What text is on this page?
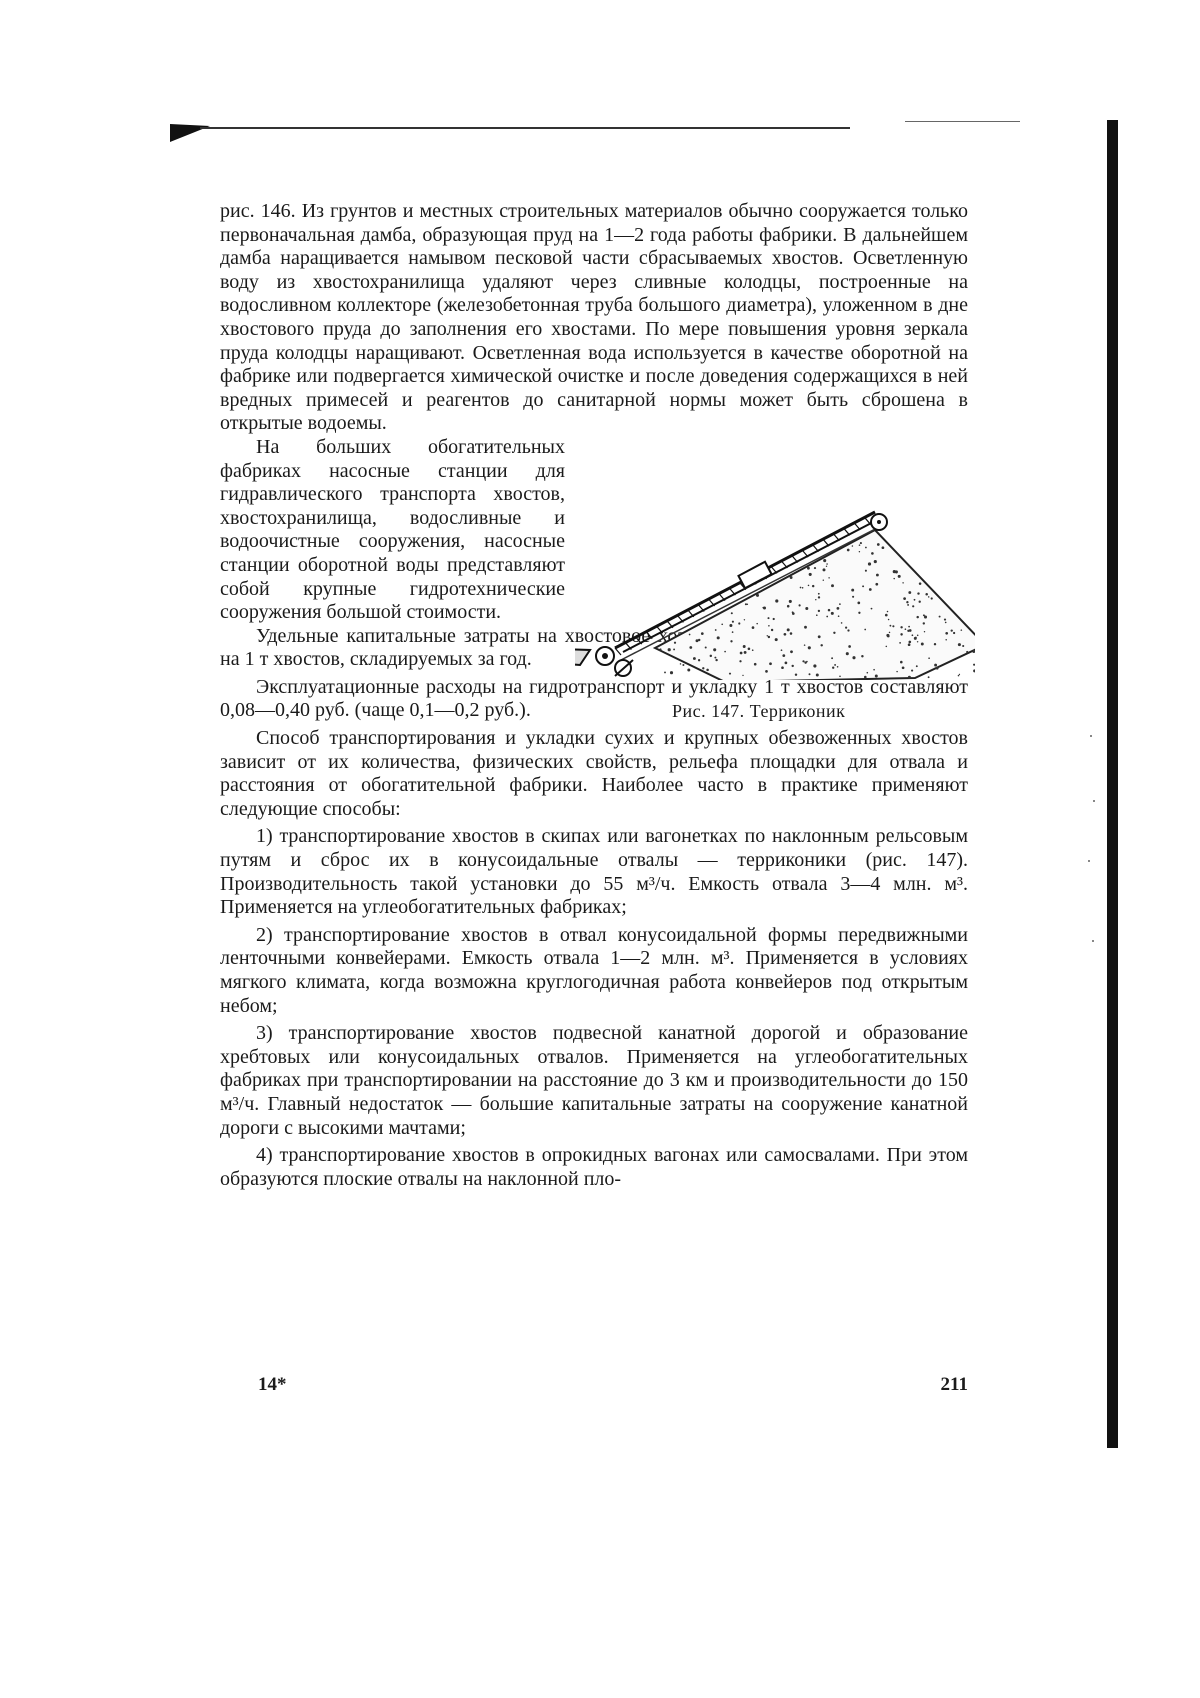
рис. 146. Из грунтов и местных строительных материалов обычно сооружается только первоначальная дамба, образующая пруд на 1—2 года работы фабрики. В дальнейшем дамба наращивается намывом песковой части сбрасываемых хвостов. Осветленную воду из хвостохранилища удаляют через сливные колодцы, построенные на водосливном коллекторе (железобетонная труба большого диаметра), уложенном в дне хвостового пруда до заполнения его хвостами. По мере повышения уровня зеркала пруда колодцы наращивают. Осветленная вода используется в качестве оборотной на фабрике или подвергается химической очистке и после доведения содержащихся в ней вредных примесей и реагентов до санитарной нормы может быть сброшена в открытые водоемы.

На больших обогатительных фабриках насосные станции для гидравлического транспорта хвостов, хвостохранилища, водосливные и водоочистные сооружения, насосные станции оборотной воды представляют собой крупные гидротехнические сооружения большой стоимости.

Удельные капитальные затраты на хвостовое хозяйство составляют 0,5—1,5 руб. на 1 т хвостов, складируемых за год.

Эксплуатационные расходы на гидротранспорт и укладку 1 т хвостов составляют 0,08—0,40 руб. (чаще 0,1—0,2 руб.).

Способ транспортирования и укладки сухих и крупных обезвоженных хвостов зависит от их количества, физических свойств, рельефа площадки для отвала и расстояния от обогатительной фабрики. Наиболее часто в практике применяют следующие способы:

1) транспортирование хвостов в скипах или вагонетках по наклонным рельсовым путям и сброс их в конусоидальные отвалы — терриконики (рис. 147). Производительность такой установки до 55 м³/ч. Емкость отвала 3—4 млн. м³. Применяется на углеобогатительных фабриках;

2) транспортирование хвостов в отвал конусоидальной формы передвижными ленточными конвейерами. Емкость отвала 1—2 млн. м³. Применяется в условиях мягкого климата, когда возможна круглогодичная работа конвейеров под открытым небом;

3) транспортирование хвостов подвесной канатной дорогой и образование хребтовых или конусоидальных отвалов. Применяется на углеобогатительных фабриках при транспортировании на расстояние до 3 км и производительности до 150 м³/ч. Главный недостаток — большие капитальные затраты на сооружение канатной дороги с высокими мачтами;

4) транспортирование хвостов в опрокидных вагонах или самосвалами. При этом образуются плоские отвалы на наклонной пло-

Рис. 147. Терриконик
14*	211
